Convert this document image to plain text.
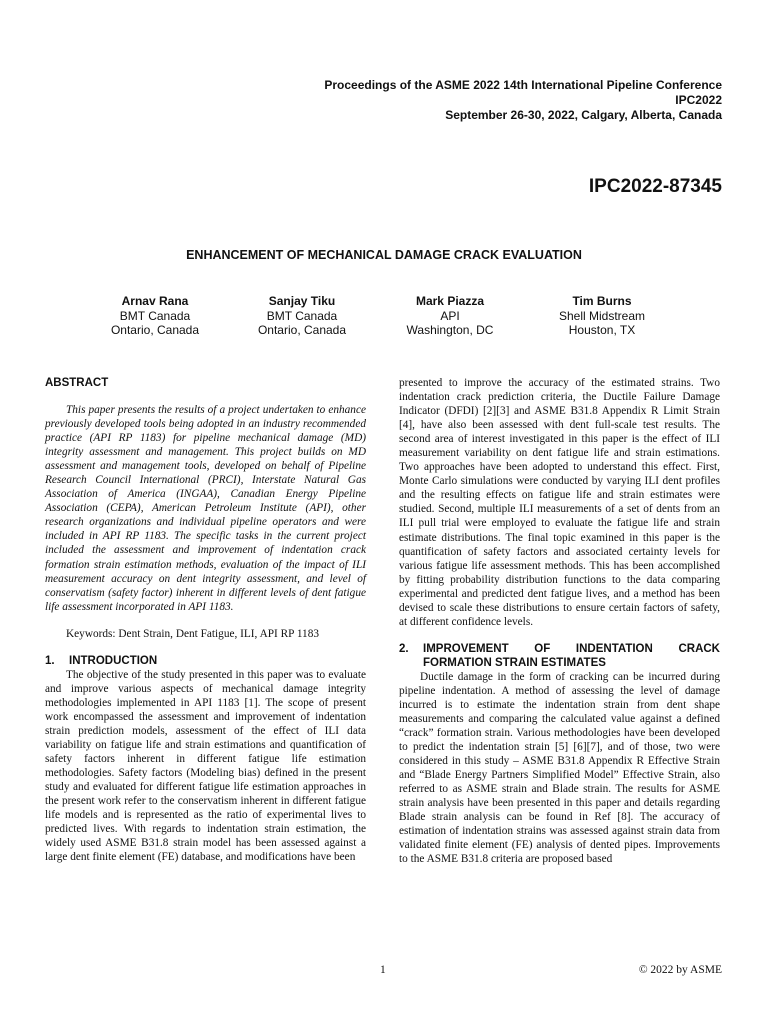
Proceedings of the ASME 2022 14th International Pipeline Conference
IPC2022
September 26-30, 2022, Calgary, Alberta, Canada
IPC2022-87345
ENHANCEMENT OF MECHANICAL DAMAGE CRACK EVALUATION
Arnav Rana
BMT Canada
Ontario, Canada
Sanjay Tiku
BMT Canada
Ontario, Canada
Mark Piazza
API
Washington, DC
Tim Burns
Shell Midstream
Houston, TX
ABSTRACT

This paper presents the results of a project undertaken to enhance previously developed tools being adopted in an industry recommended practice (API RP 1183) for pipeline mechanical damage (MD) integrity assessment and management. This project builds on MD assessment and management tools, developed on behalf of Pipeline Research Council International (PRCI), Interstate Natural Gas Association of America (INGAA), Canadian Energy Pipeline Association (CEPA), American Petroleum Institute (API), other research organizations and individual pipeline operators and were included in API RP 1183. The specific tasks in the current project included the assessment and improvement of indentation crack formation strain estimation methods, evaluation of the impact of ILI measurement accuracy on dent integrity assessment, and level of conservatism (safety factor) inherent in different levels of dent fatigue life assessment incorporated in API 1183.

Keywords: Dent Strain, Dent Fatigue, ILI, API RP 1183

1.	INTRODUCTION

The objective of the study presented in this paper was to evaluate and improve various aspects of mechanical damage integrity methodologies implemented in API 1183 [1]. The scope of present work encompassed the assessment and improvement of indentation strain prediction models, assessment of the effect of ILI data variability on fatigue life and strain estimations and quantification of safety factors inherent in different fatigue life estimation methodologies. Safety factors (Modeling bias) defined in the present study and evaluated for different fatigue life estimation approaches in the present work refer to the conservatism inherent in different fatigue life models and is represented as the ratio of experimental lives to predicted lives. With regards to indentation strain estimation, the widely used ASME B31.8 strain model has been assessed against a large dent finite element (FE) database, and modifications have been

presented to improve the accuracy of the estimated strains. Two indentation crack prediction criteria, the Ductile Failure Damage Indicator (DFDI) [2][3] and ASME B31.8 Appendix R Limit Strain [4], have also been assessed with dent full-scale test results. The second area of interest investigated in this paper is the effect of ILI measurement variability on dent fatigue life and strain estimations. Two approaches have been adopted to understand this effect. First, Monte Carlo simulations were conducted by varying ILI dent profiles and the resulting effects on fatigue life and strain estimates were studied. Second, multiple ILI measurements of a set of dents from an ILI pull trial were employed to evaluate the fatigue life and strain estimate distributions. The final topic examined in this paper is the quantification of safety factors and associated certainty levels for various fatigue life assessment methods. This has been accomplished by fitting probability distribution functions to the data comparing experimental and predicted dent fatigue lives, and a method has been devised to scale these distributions to ensure certain factors of safety, at different confidence levels.

2.	IMPROVEMENT OF INDENTATION CRACK FORMATION STRAIN ESTIMATES

Ductile damage in the form of cracking can be incurred during pipeline indentation. A method of assessing the level of damage incurred is to estimate the indentation strain from dent shape measurements and comparing the calculated value against a defined “crack” formation strain. Various methodologies have been developed to predict the indentation strain [5] [6][7], and of those, two were considered in this study – ASME B31.8 Appendix R Effective Strain and “Blade Energy Partners Simplified Model” Effective Strain, also referred to as ASME strain and Blade strain. The results for ASME strain analysis have been presented in this paper and details regarding Blade strain analysis can be found in Ref [8]. The accuracy of estimation of indentation strains was assessed against strain data from validated finite element (FE) analysis of dented pipes. Improvements to the ASME B31.8 criteria are proposed based

1	© 2022 by ASME
